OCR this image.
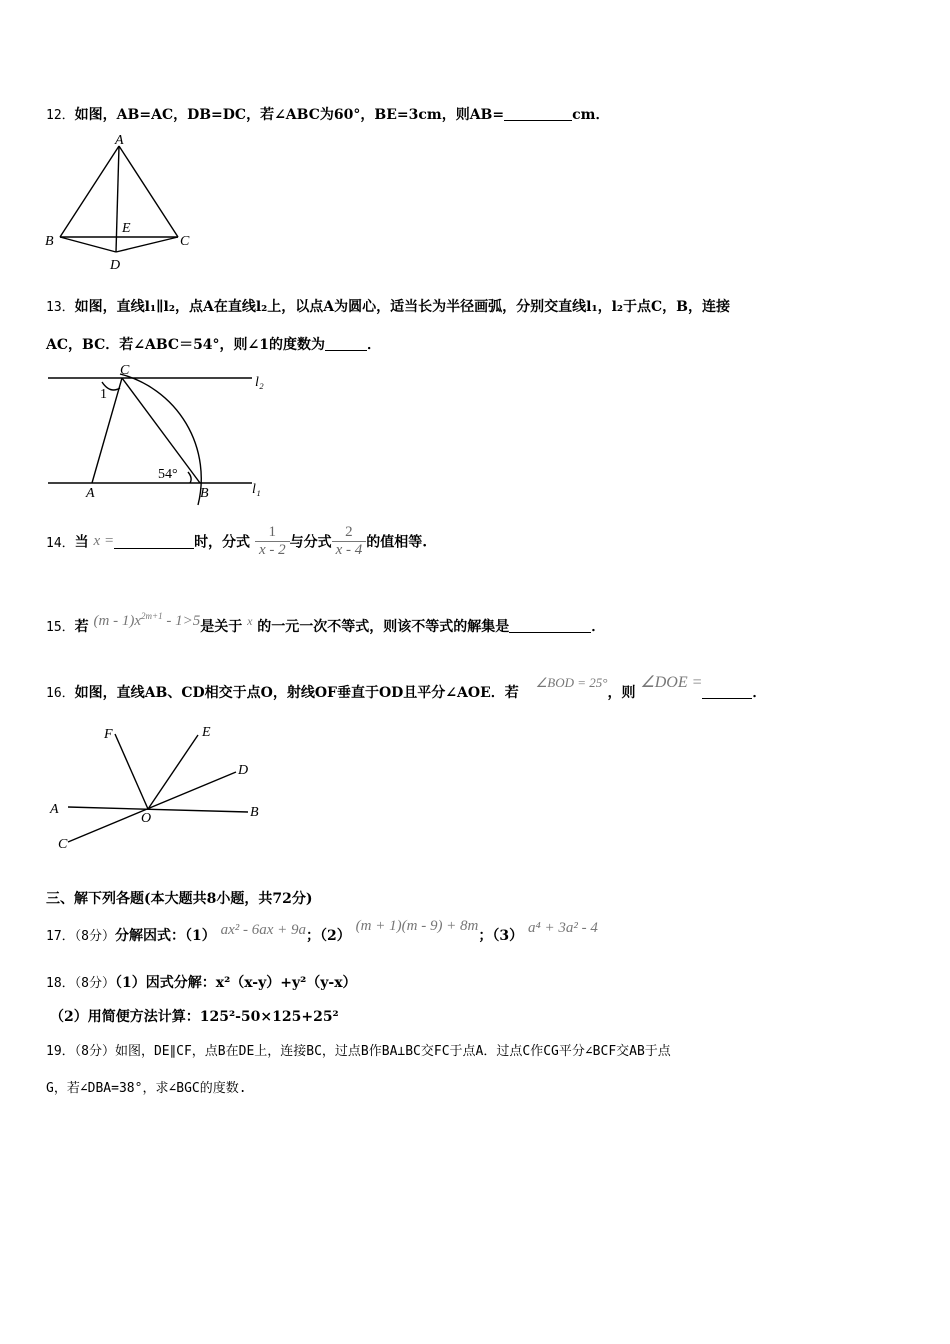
12．如图，AB=AC，DB=DC，若∠ABC为60°，BE=3cm，则AB=	cm．
A
B	C
D
E
13．如图，直线l₁∥l₂，点A在直线l₂上，以点A为圆心，适当长为半径画弧，分别交直线l₁，l₂于点C，B，连接
AC，BC．若∠ABC＝54°，则∠1的度数为	．
C
l₂
1
54°
A	B	l₁
14．当 x =	时，分式 $\frac{1}{x - 2}$ 与分式 $\frac{2}{x - 4}$ 的值相等.
15．若 $(m - 1)x^{2m+1} - 1>5$是关于 x 的一元一次不等式，则该不等式的解集是	．
16．如图，直线AB、CD相交于点O，射线OF垂直于OD且平分∠AOE．若 ∠BOD = 25°，则 ∠DOE =．
F	E
D
A
O	B
C
三、解下列各题(本大题共8小题，共72分)
17．（8分）分解因式：（1） ax² - 6ax + 9a；（2） (m + 1)(m - 9) + 8m；（3） a⁴ + 3a² - 4
18．（8分）（1）因式分解：x²（x-y）+y²（y-x）
（2）用简便方法计算：125²-50×125+25²
19．（8分）如图，DE∥CF，点B在DE上，连接BC，过点B作BA⊥BC交FC于点A．过点C作CG平分∠BCF交AB于点
G，若∠DBA=38°，求∠BGC的度数.
